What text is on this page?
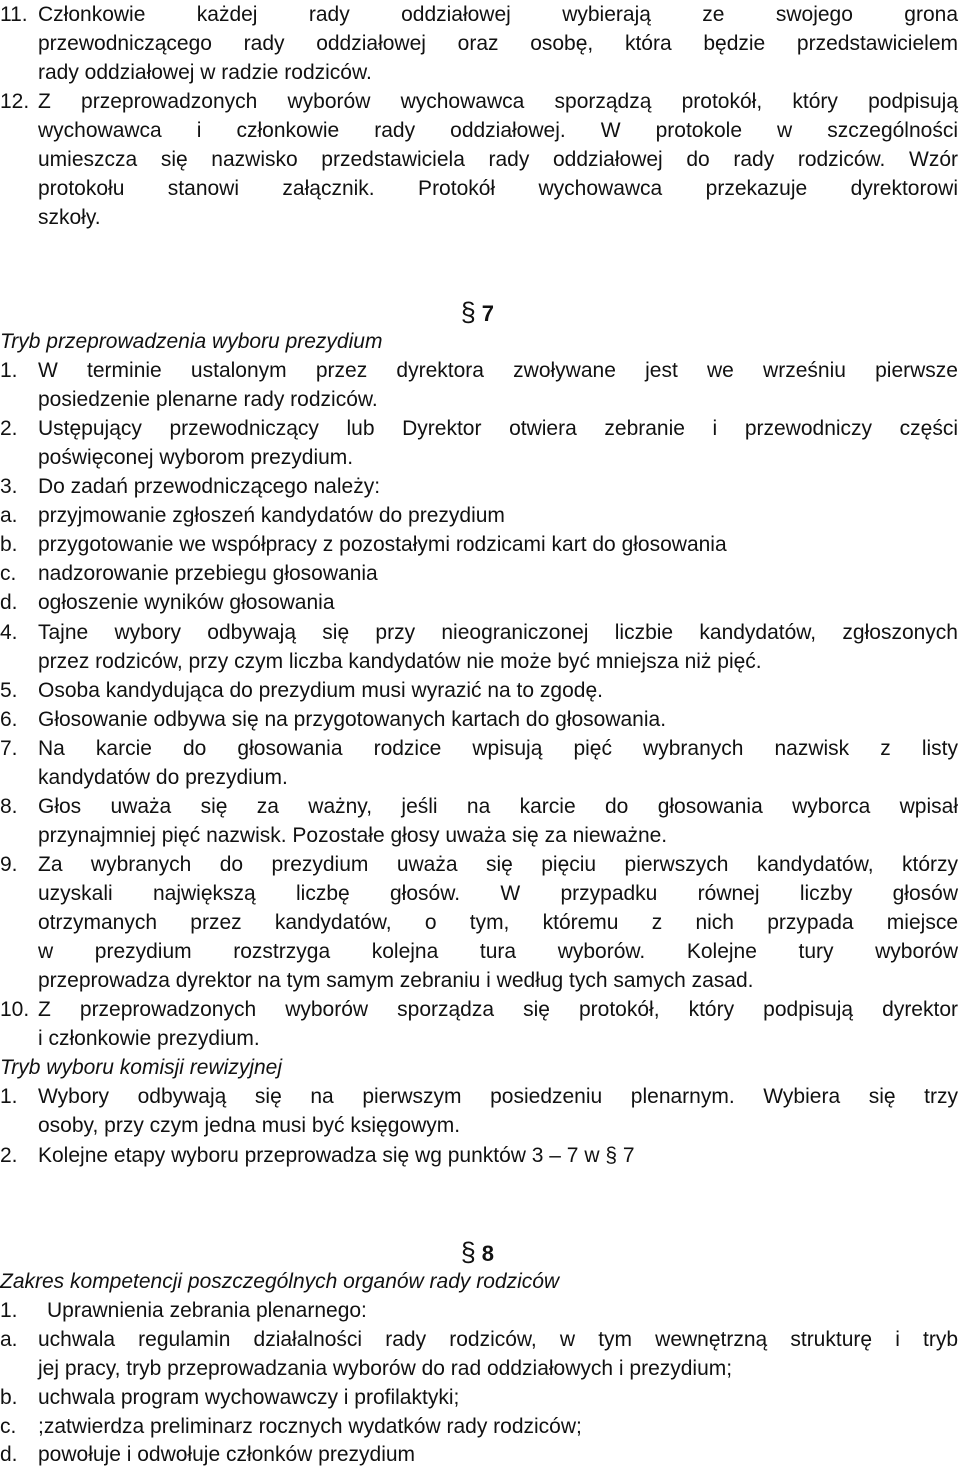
11. Członkowie każdej rady oddziałowej wybierają ze swojego grona
przewodniczącego rady oddziałowej oraz osobę, która będzie przedstawicielem
rady oddziałowej w radzie rodziców.
12. Z przeprowadzonych wyborów wychowawca sporządzą protokół, który podpisują
wychowawca i członkowie rady oddziałowej. W protokole w szczególności
umieszcza się nazwisko przedstawiciela rady oddziałowej do rady rodziców. Wzór
protokołu stanowi załącznik. Protokół wychowawca przekazuje dyrektorowi
szkoły.
§ 7
Tryb przeprowadzenia wyboru prezydium
1. W terminie ustalonym przez dyrektora zwoływane jest we wrześniu pierwsze
posiedzenie plenarne rady rodziców.
2. Ustępujący przewodniczący lub Dyrektor otwiera zebranie i przewodniczy części
poświęconej wyborom prezydium.
3. Do zadań przewodniczącego należy:
a. przyjmowanie zgłoszeń kandydatów do prezydium
b. przygotowanie we współpracy z pozostałymi rodzicami kart do głosowania
c. nadzorowanie przebiegu głosowania
d. ogłoszenie wyników głosowania
4. Tajne wybory odbywają się przy nieograniczonej liczbie kandydatów, zgłoszonych
przez rodziców, przy czym liczba kandydatów nie może być mniejsza niż pięć.
5. Osoba kandydująca do prezydium musi wyrazić na to zgodę.
6. Głosowanie odbywa się na przygotowanych kartach do głosowania.
7. Na karcie do głosowania rodzice wpisują pięć wybranych nazwisk z listy
kandydatów do prezydium.
8. Głos uważa się za ważny, jeśli na karcie do głosowania wyborca wpisał
przynajmniej pięć nazwisk. Pozostałe głosy uważa się za nieważne.
9. Za wybranych do prezydium uważa się pięciu pierwszych kandydatów, którzy
uzyskali największą liczbę głosów. W przypadku równej liczby głosów
otrzymanych przez kandydatów, o tym, któremu z nich przypada miejsce
w prezydium rozstrzyga kolejna tura wyborów. Kolejne tury wyborów
przeprowadza dyrektor na tym samym zebraniu i według tych samych zasad.
10. Z przeprowadzonych wyborów sporządza się protokół, który podpisują dyrektor
i członkowie prezydium.
Tryb wyboru komisji rewizyjnej
1. Wybory odbywają się na pierwszym posiedzeniu plenarnym. Wybiera się trzy
osoby, przy czym jedna musi być księgowym.
2. Kolejne etapy wyboru przeprowadza się wg punktów 3 – 7 w § 7
§ 8
Zakres kompetencji poszczególnych organów rady rodziców
1. Uprawnienia zebrania plenarnego:
a. uchwala regulamin działalności rady rodziców, w tym wewnętrzną strukturę i tryb
jej pracy, tryb przeprowadzania wyborów do rad oddziałowych i prezydium;
b. uchwala program wychowawczy i profilaktyki;
c. ;zatwierdza preliminarz rocznych wydatków rady rodziców;
d. powołuje i odwołuje członków prezydium
